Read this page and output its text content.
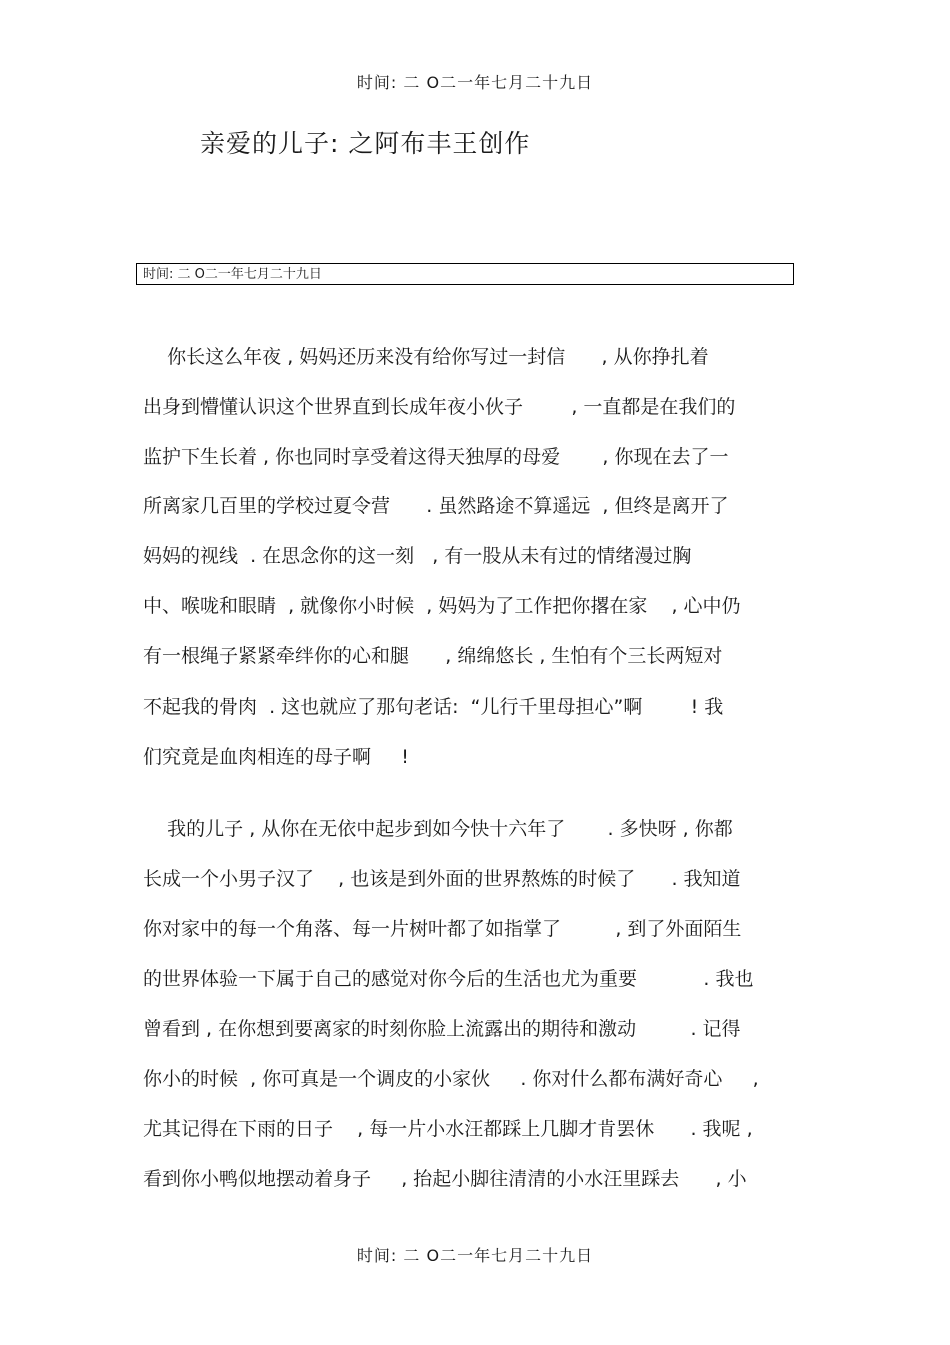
时间: 二 O二一年七月二十九日
亲爱的儿子: 之阿布丰王创作
时间: 二 O二一年七月二十九日
你长这么年夜 , 妈妈还历来没有给你写过一封信      , 从你挣扎着
出身到懵懂认识这个世界直到长成年夜小伙子        , 一直都是在我们的
监护下生长着 , 你也同时享受着这得天独厚的母爱       , 你现在去了一
所离家几百里的学校过夏令营      . 虽然路途不算遥远  , 但终是离开了
妈妈的视线  . 在思念你的这一刻   , 有一股从未有过的情绪漫过胸
中、喉咙和眼睛  , 就像你小时候  , 妈妈为了工作把你撂在家    , 心中仍
有一根绳子紧紧牵绊你的心和腿      , 绵绵悠长 , 生怕有个三长两短对
不起我的骨肉  . 这也就应了那句老话:  “儿行千里母担心”啊        ! 我
们究竟是血肉相连的母子啊     !
我的儿子 , 从你在无依中起步到如今快十六年了       . 多快呀 , 你都
长成一个小男子汉了    , 也该是到外面的世界熬炼的时候了      . 我知道
你对家中的每一个角落、每一片树叶都了如指掌了         , 到了外面陌生
的世界体验一下属于自己的感觉对你今后的生活也尤为重要           . 我也
曾看到 , 在你想到要离家的时刻你脸上流露出的期待和激动         . 记得
你小的时候  , 你可真是一个调皮的小家伙     . 你对什么都布满好奇心     ,
尤其记得在下雨的日子    , 每一片小水汪都踩上几脚才肯罢休      . 我呢 ,
看到你小鸭似地摆动着身子     , 抬起小脚往清清的小水汪里踩去      , 小
时间: 二 O二一年七月二十九日
